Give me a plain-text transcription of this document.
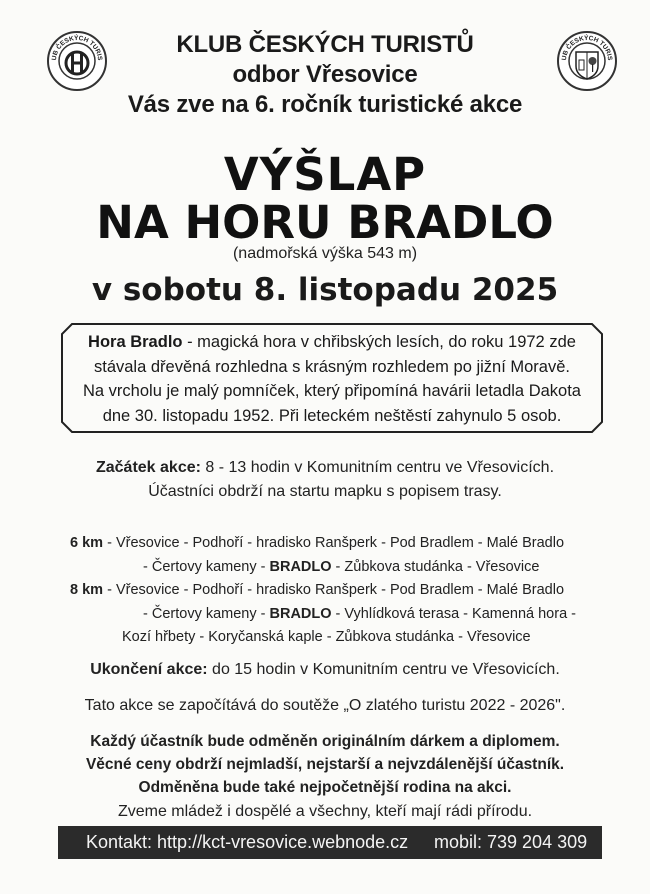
UB ČESKÝCH TURIS	UB ČESKÝCH TURIS
KLUB ČESKÝCH TURISTŮ
odbor Vřesovice
Vás zve na 6. ročník turistické akce
VÝŠLAP
NA HORU BRADLO
(nadmořská výška 543 m)
v sobotu 8. listopadu 2025
Hora Bradlo - magická hora v chřibských lesích, do roku 1972 zde
stávala dřevěná rozhledna s krásným rozhledem po jižní Moravě.
Na vrcholu je malý pomníček, který připomíná havárii letadla Dakota
dne 30. listopadu 1952. Při leteckém neštěstí zahynulo 5 osob.
Začátek akce: 8 - 13 hodin v Komunitním centru ve Vřesovicích.
Účastníci obdrží na startu mapku s popisem trasy.
6 km - Vřesovice - Podhoří - hradisko Ranšperk - Pod Bradlem - Malé Bradlo
- Čertovy kameny - BRADLO - Zůbkova studánka - Vřesovice
8 km - Vřesovice - Podhoří - hradisko Ranšperk - Pod Bradlem - Malé Bradlo
- Čertovy kameny - BRADLO - Vyhlídková terasa - Kamenná hora -
Kozí hřbety - Koryčanská kaple - Zůbkova studánka - Vřesovice
Ukončení akce: do 15 hodin v Komunitním centru ve Vřesovicích.
Tato akce se započítává do soutěže „O zlatého turistu 2022 - 2026".
Každý účastník bude odměněn originálním dárkem a diplomem.
Věcné ceny obdrží nejmladší, nejstarší a nejvzdálenější účastník.
Odměněna bude také nejpočetnější rodina na akci.
Zveme mládež i dospělé a všechny, kteří mají rádi přírodu.
Kontakt: http://kct-vresovice.webnode.cz mobil: 739 204 309
